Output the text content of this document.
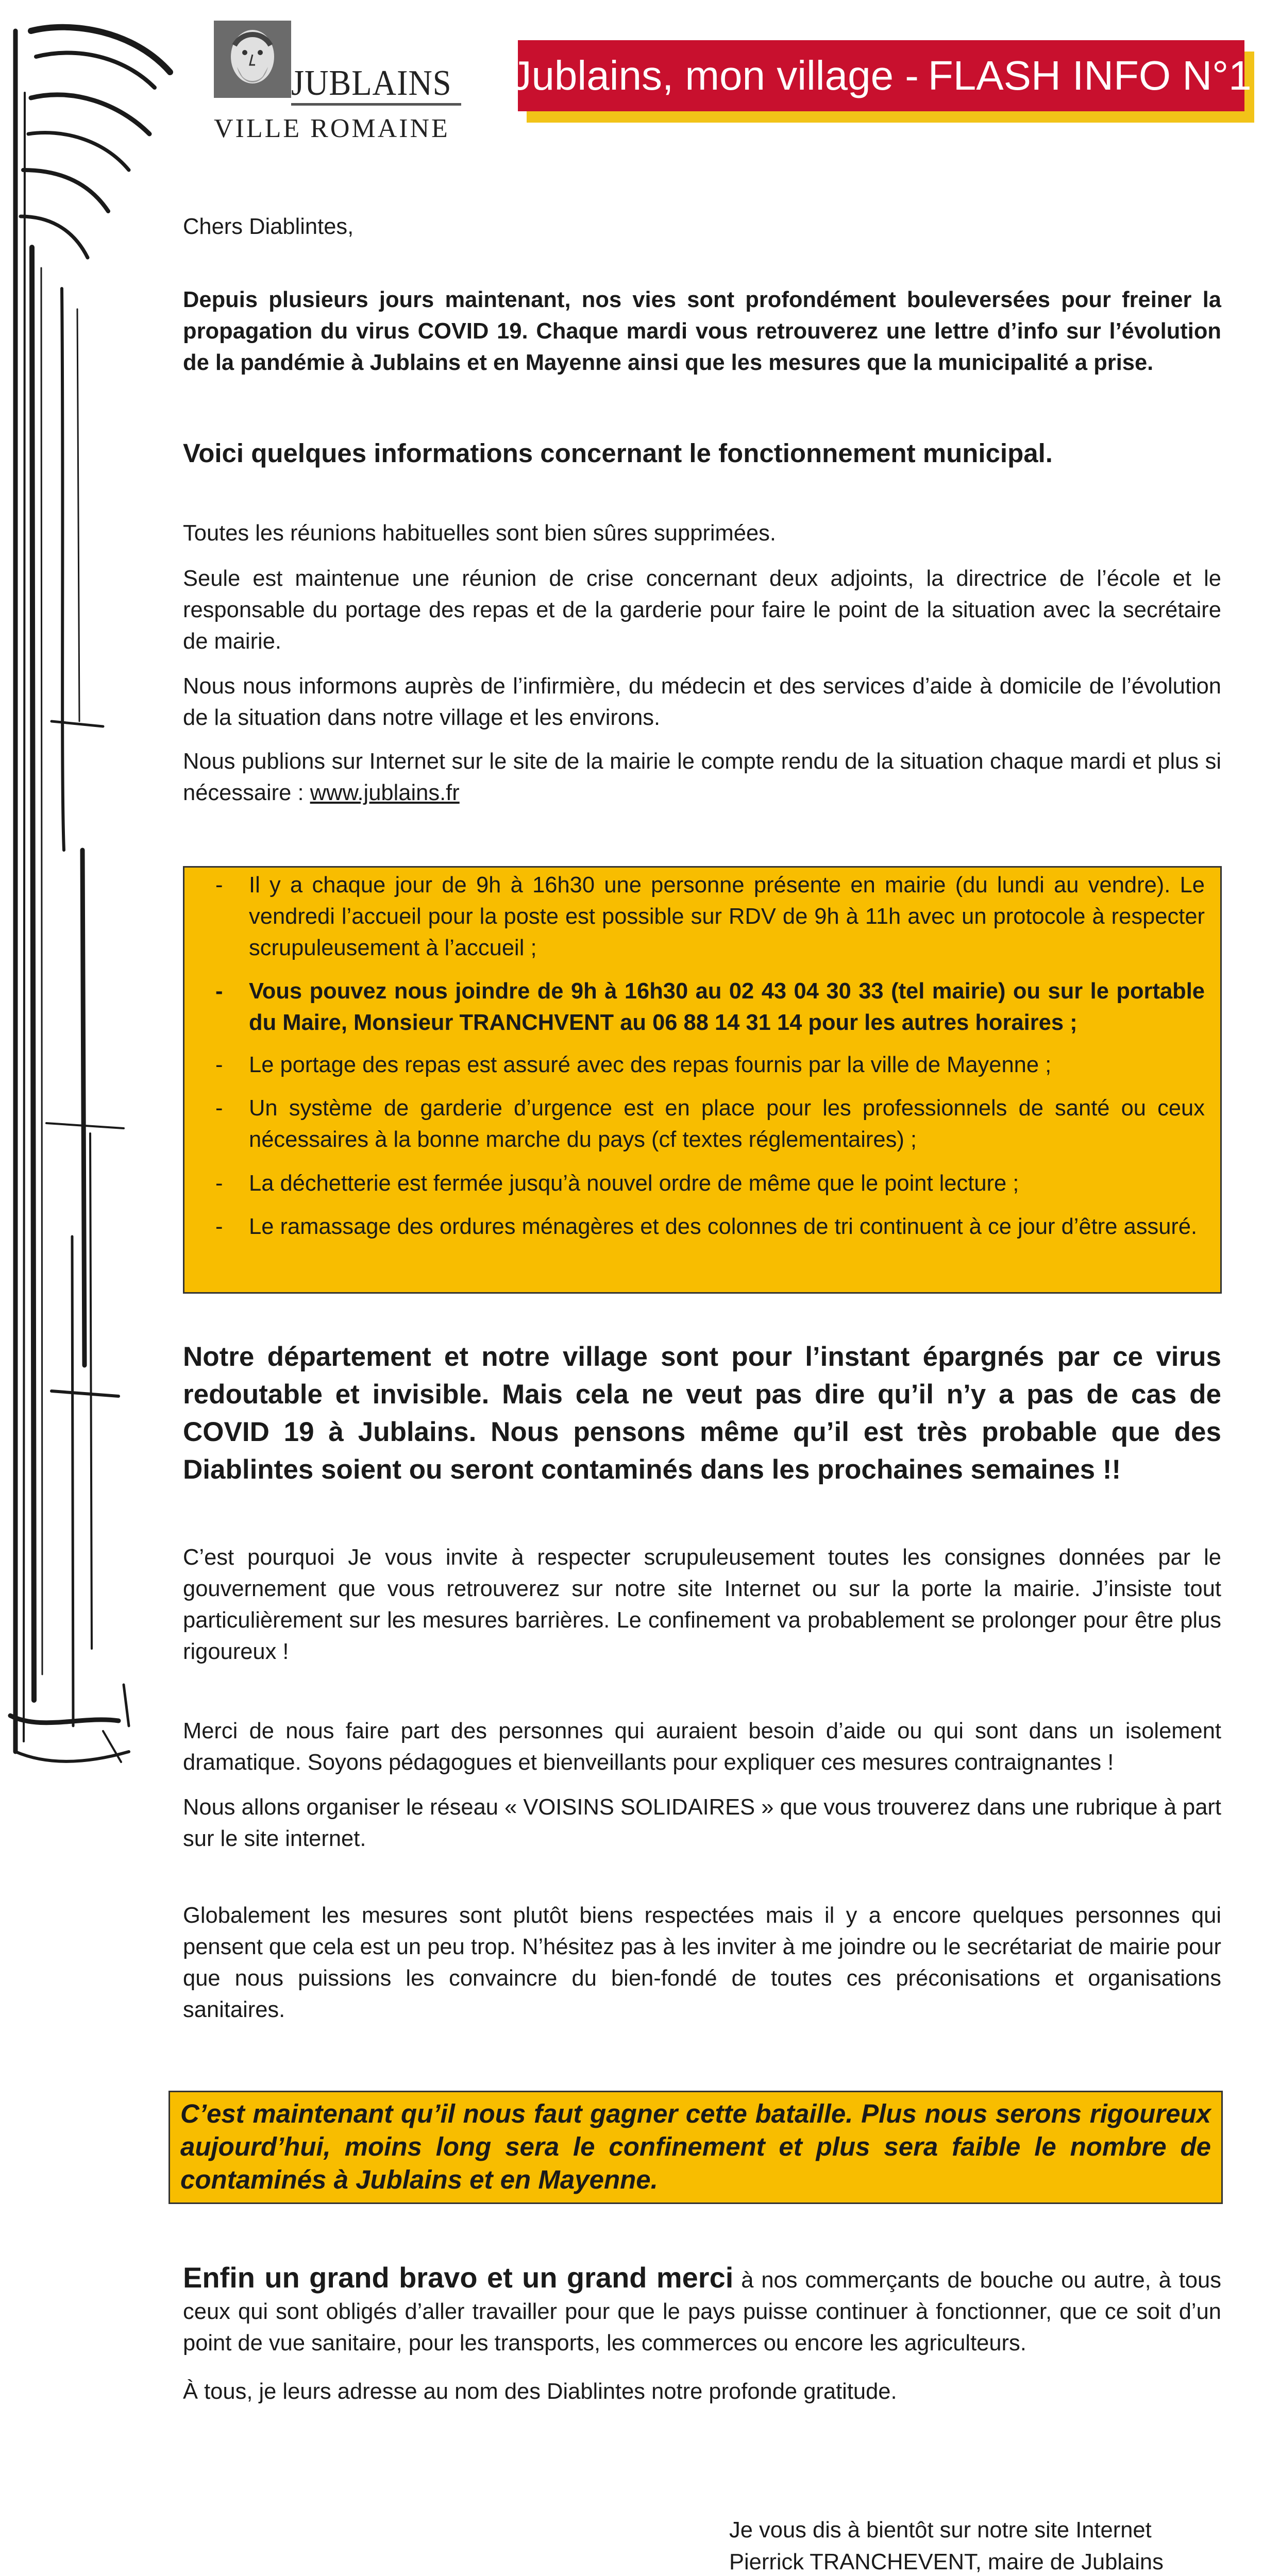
JUBLAINS
VILLE ROMAINE
Jublains, mon village - FLASH INFO N°1

Chers Diablintes,

Depuis plusieurs jours maintenant, nos vies sont profondément bouleversées pour freiner la propagation du virus COVID 19. Chaque mardi vous retrouverez une lettre d’info sur l’évolution de la pandémie à Jublains et en Mayenne ainsi que les mesures que la municipalité a prise.

Voici quelques informations concernant le fonctionnement municipal.

Toutes les réunions habituelles sont bien sûres supprimées.

Seule est maintenue une réunion de crise concernant deux adjoints, la directrice de l’école et le responsable du portage des repas et de la garderie pour faire le point de la situation avec la secrétaire de mairie.

Nous nous informons auprès de l’infirmière, du médecin et des services d’aide à domicile de l’évolution de la situation dans notre village et les environs.

Nous publions sur Internet sur le site de la mairie le compte rendu de la situation chaque mardi et plus si nécessaire : www.jublains.fr

- Il y a chaque jour de 9h à 16h30 une personne présente en mairie (du lundi au vendre). Le vendredi l’accueil pour la poste est possible sur RDV de 9h à 11h avec un protocole à respecter scrupuleusement à l’accueil ;
- Vous pouvez nous joindre de 9h à 16h30 au 02 43 04 30 33 (tel mairie) ou sur le portable du Maire, Monsieur TRANCHVENT au 06 88 14 31 14 pour les autres horaires ;
- Le portage des repas est assuré avec des repas fournis par la ville de Mayenne ;
- Un système de garderie d’urgence est en place pour les professionnels de santé ou ceux nécessaires à la bonne marche du pays (cf textes réglementaires) ;
- La déchetterie est fermée jusqu’à nouvel ordre de même que le point lecture ;
- Le ramassage des ordures ménagères et des colonnes de tri continuent à ce jour d’être assuré.

Notre département et notre village sont pour l’instant épargnés par ce virus redoutable et invisible. Mais cela ne veut pas dire qu’il n’y a pas de cas de COVID 19 à Jublains. Nous pensons même qu’il est très probable que des Diablintes soient ou seront contaminés dans les prochaines semaines !!

C’est pourquoi Je vous invite à respecter scrupuleusement toutes les consignes données par le gouvernement que vous retrouverez sur notre site Internet ou sur la porte la mairie. J’insiste tout particulièrement sur les mesures barrières. Le confinement va probablement se prolonger pour être plus rigoureux !

Merci de nous faire part des personnes qui auraient besoin d’aide ou qui sont dans un isolement dramatique. Soyons pédagogues et bienveillants pour expliquer ces mesures contraignantes !

Nous allons organiser le réseau « VOISINS SOLIDAIRES » que vous trouverez dans une rubrique à part sur le site internet.

Globalement les mesures sont plutôt biens respectées mais il y a encore quelques personnes qui pensent que cela est un peu trop. N’hésitez pas à les inviter à me joindre ou le secrétariat de mairie pour que nous puissions les convaincre du bien-fondé de toutes ces préconisations et organisations sanitaires.

C’est maintenant qu’il nous faut gagner cette bataille. Plus nous serons rigoureux aujourd’hui, moins long sera le confinement et plus sera faible le nombre de contaminés à Jublains et en Mayenne.

Enfin un grand bravo et un grand merci à nos commerçants de bouche ou autre, à tous ceux qui sont obligés d’aller travailler pour que le pays puisse continuer à fonctionner, que ce soit d’un point de vue sanitaire, pour les transports, les commerces ou encore les agriculteurs.

À tous, je leurs adresse au nom des Diablintes notre profonde gratitude.

Je vous dis à bientôt sur notre site Internet
Pierrick TRANCHEVENT, maire de Jublains
